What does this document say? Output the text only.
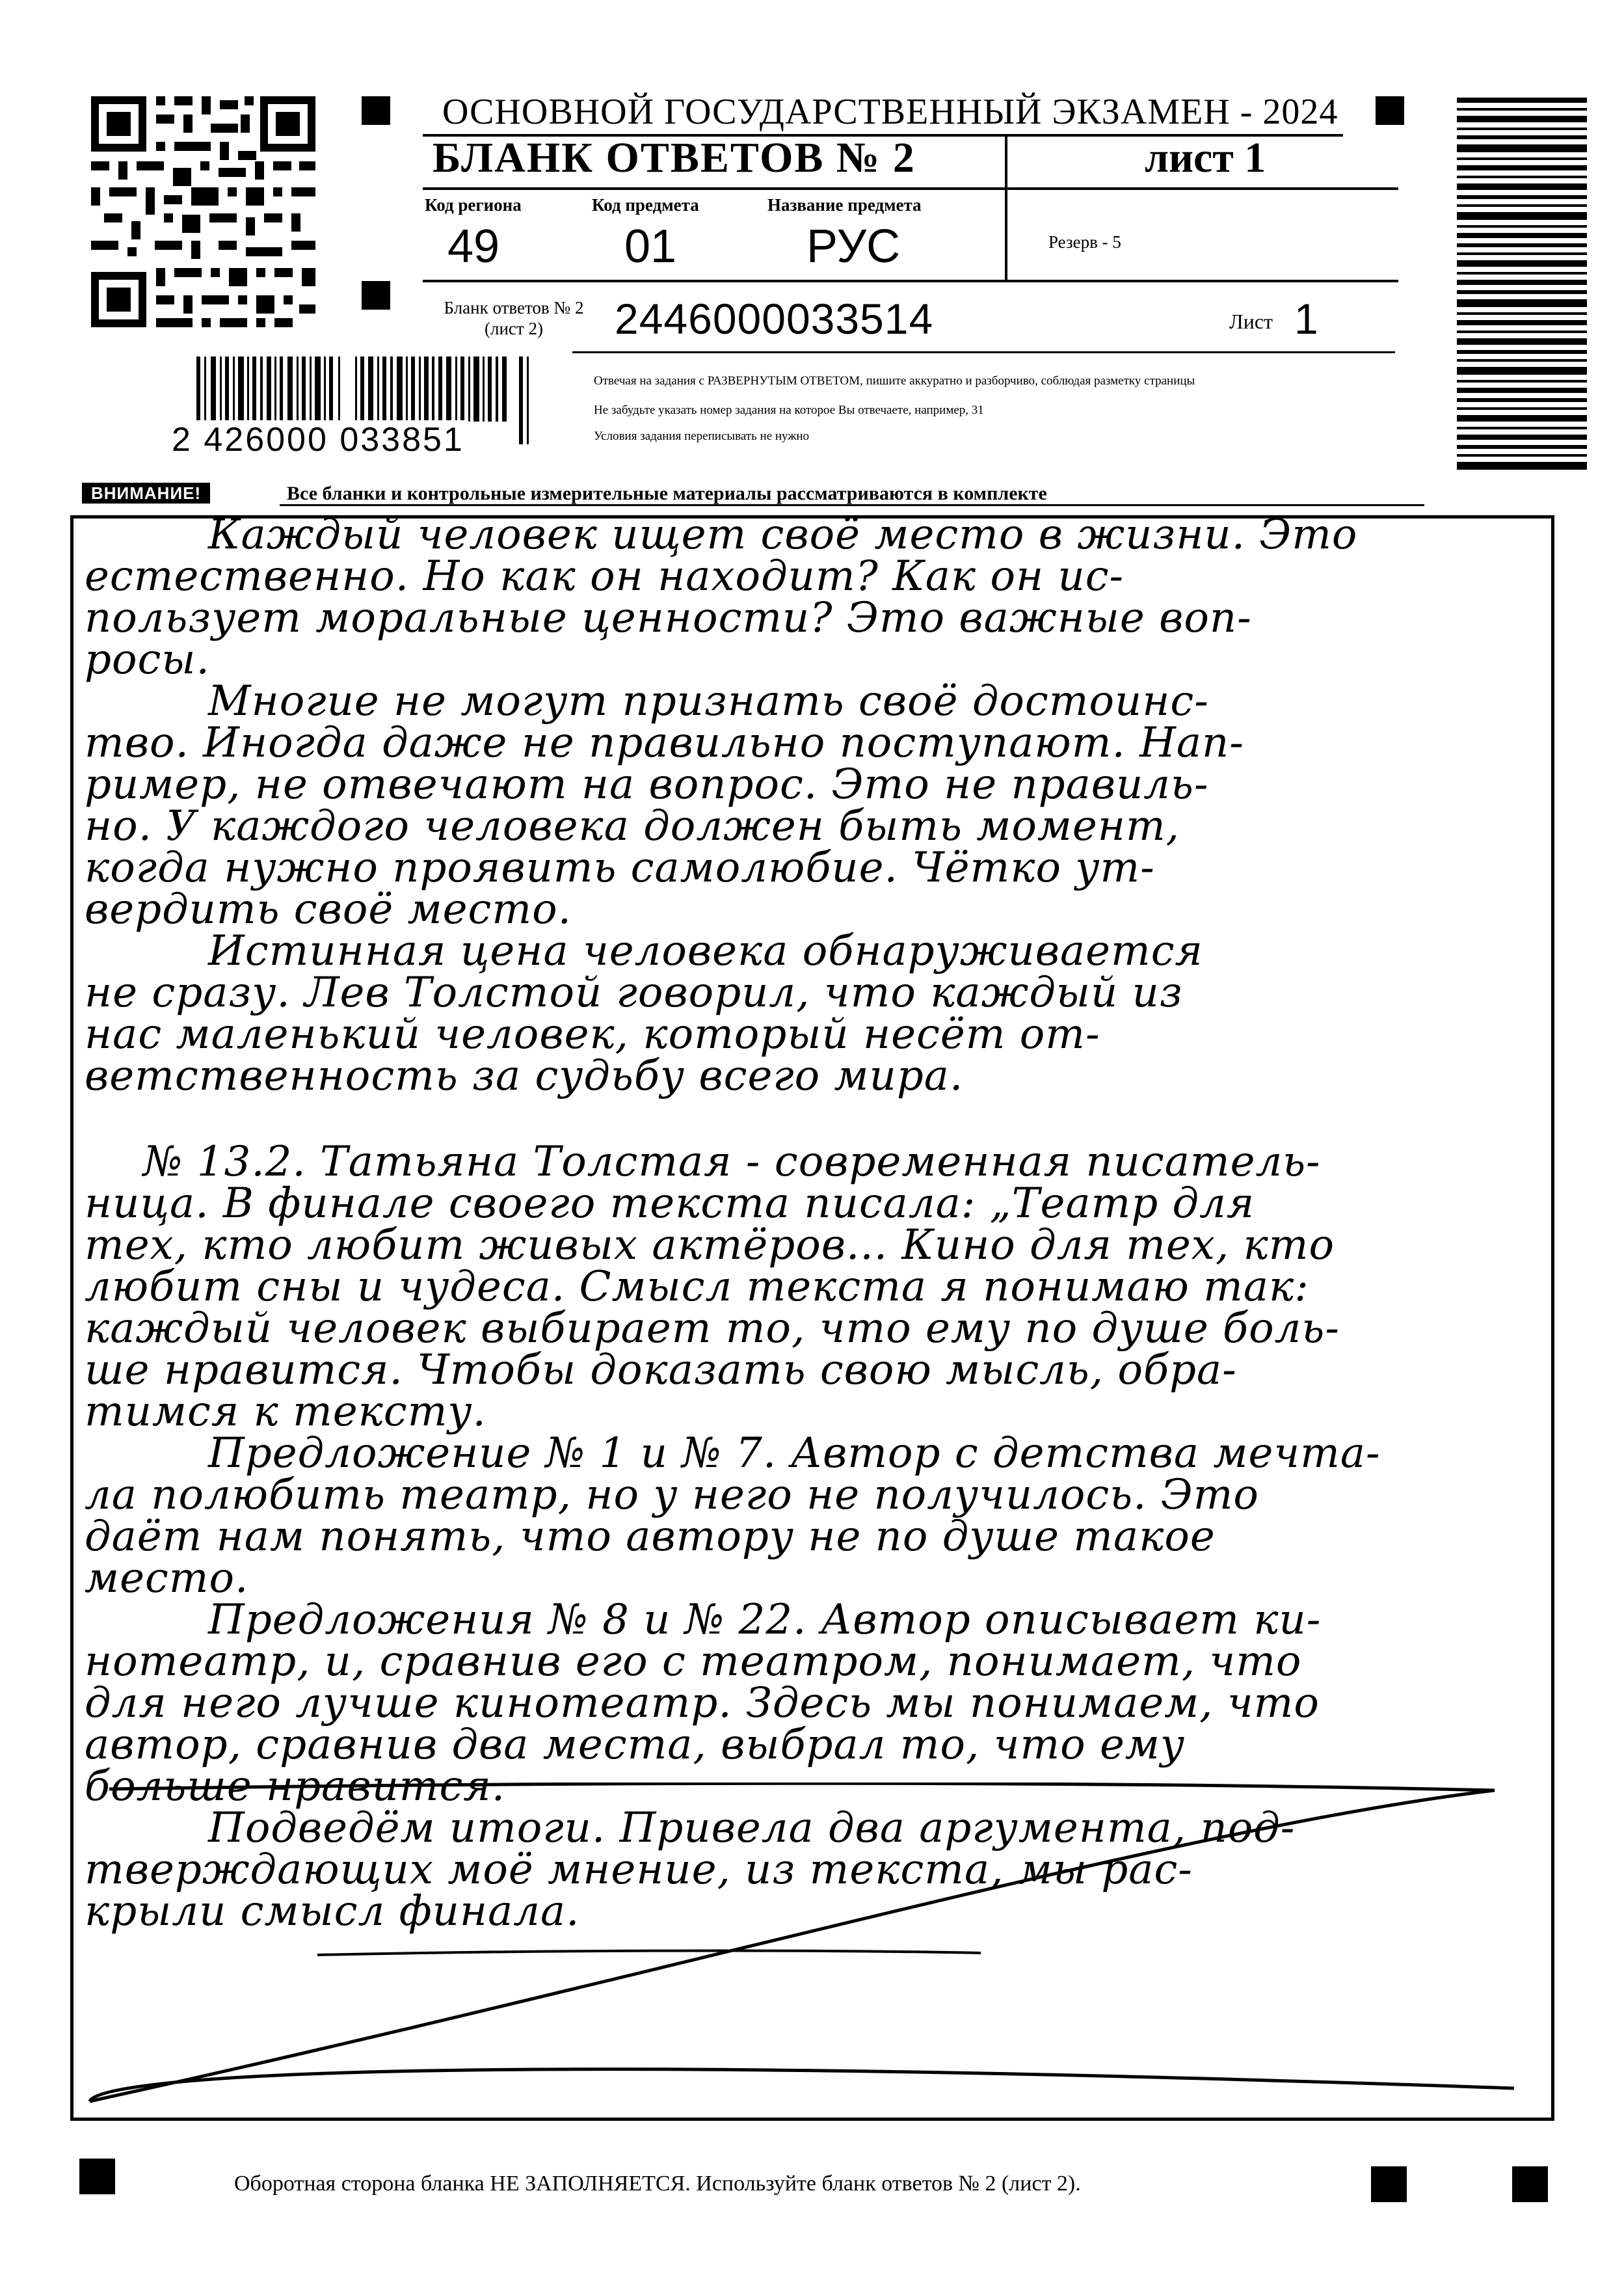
2 426000 033851
ОСНОВНОЙ ГОСУДАРСТВЕННЫЙ ЭКЗАМЕН - 2024
БЛАНК ОТВЕТОВ № 2	лист 1
Код региона	Код предмета	Название предмета
49	01	РУС	Резерв - 5
Бланк ответов № 2
(лист 2)	2446000033514	Лист 1
Отвечая на задания с РАЗВЕРНУТЫМ ОТВЕТОМ, пишите аккуратно и разборчиво, соблюдая разметку страницы
Не забудьте указать номер задания на которое Вы отвечаете, например, 31
Условия задания переписывать не нужно
ВНИМАНИЕ!	Все бланки и контрольные измерительные материалы рассматриваются в комплекте
Каждый человек ищет своё место в жизни. Это
естественно. Но как он находит? Как он ис-
пользует моральные ценности? Это важные воп-
росы.
Многие не могут признать своё достоинс-
тво. Иногда даже не правильно поступают. Нап-
ример, не отвечают на вопрос. Это не правиль-
но. У каждого человека должен быть момент,
когда нужно проявить самолюбие. Чётко ут-
вердить своё место.
Истинная цена человека обнаруживается
не сразу. Лев Толстой говорил, что каждый из
нас маленький человек, который несёт от-
ветственность за судьбу всего мира.
№ 13.2. Татьяна Толстая - современная писатель-
ница. В финале своего текста писала: „Театр для
тех, кто любит живых актёров... Кино для тех, кто
любит сны и чудеса. Смысл текста я понимаю так:
каждый человек выбирает то, что ему по душе боль-
ше нравится. Чтобы доказать свою мысль, обра-
тимся к тексту.
Предложение № 1 и № 7. Автор с детства мечта-
ла полюбить театр, но у него не получилось. Это
даёт нам понять, что автору не по душе такое
место.
Предложения № 8 и № 22. Автор описывает ки-
нотеатр, и, сравнив его с театром, понимает, что
для него лучше кинотеатр. Здесь мы понимаем, что
автор, сравнив два места, выбрал то, что ему
больше нравится.
Подведём итоги. Привела два аргумента, под-
тверждающих моё мнение, из текста, мы рас-
крыли смысл финала.
Оборотная сторона бланка НЕ ЗАПОЛНЯЕТСЯ. Используйте бланк ответов № 2 (лист 2).
